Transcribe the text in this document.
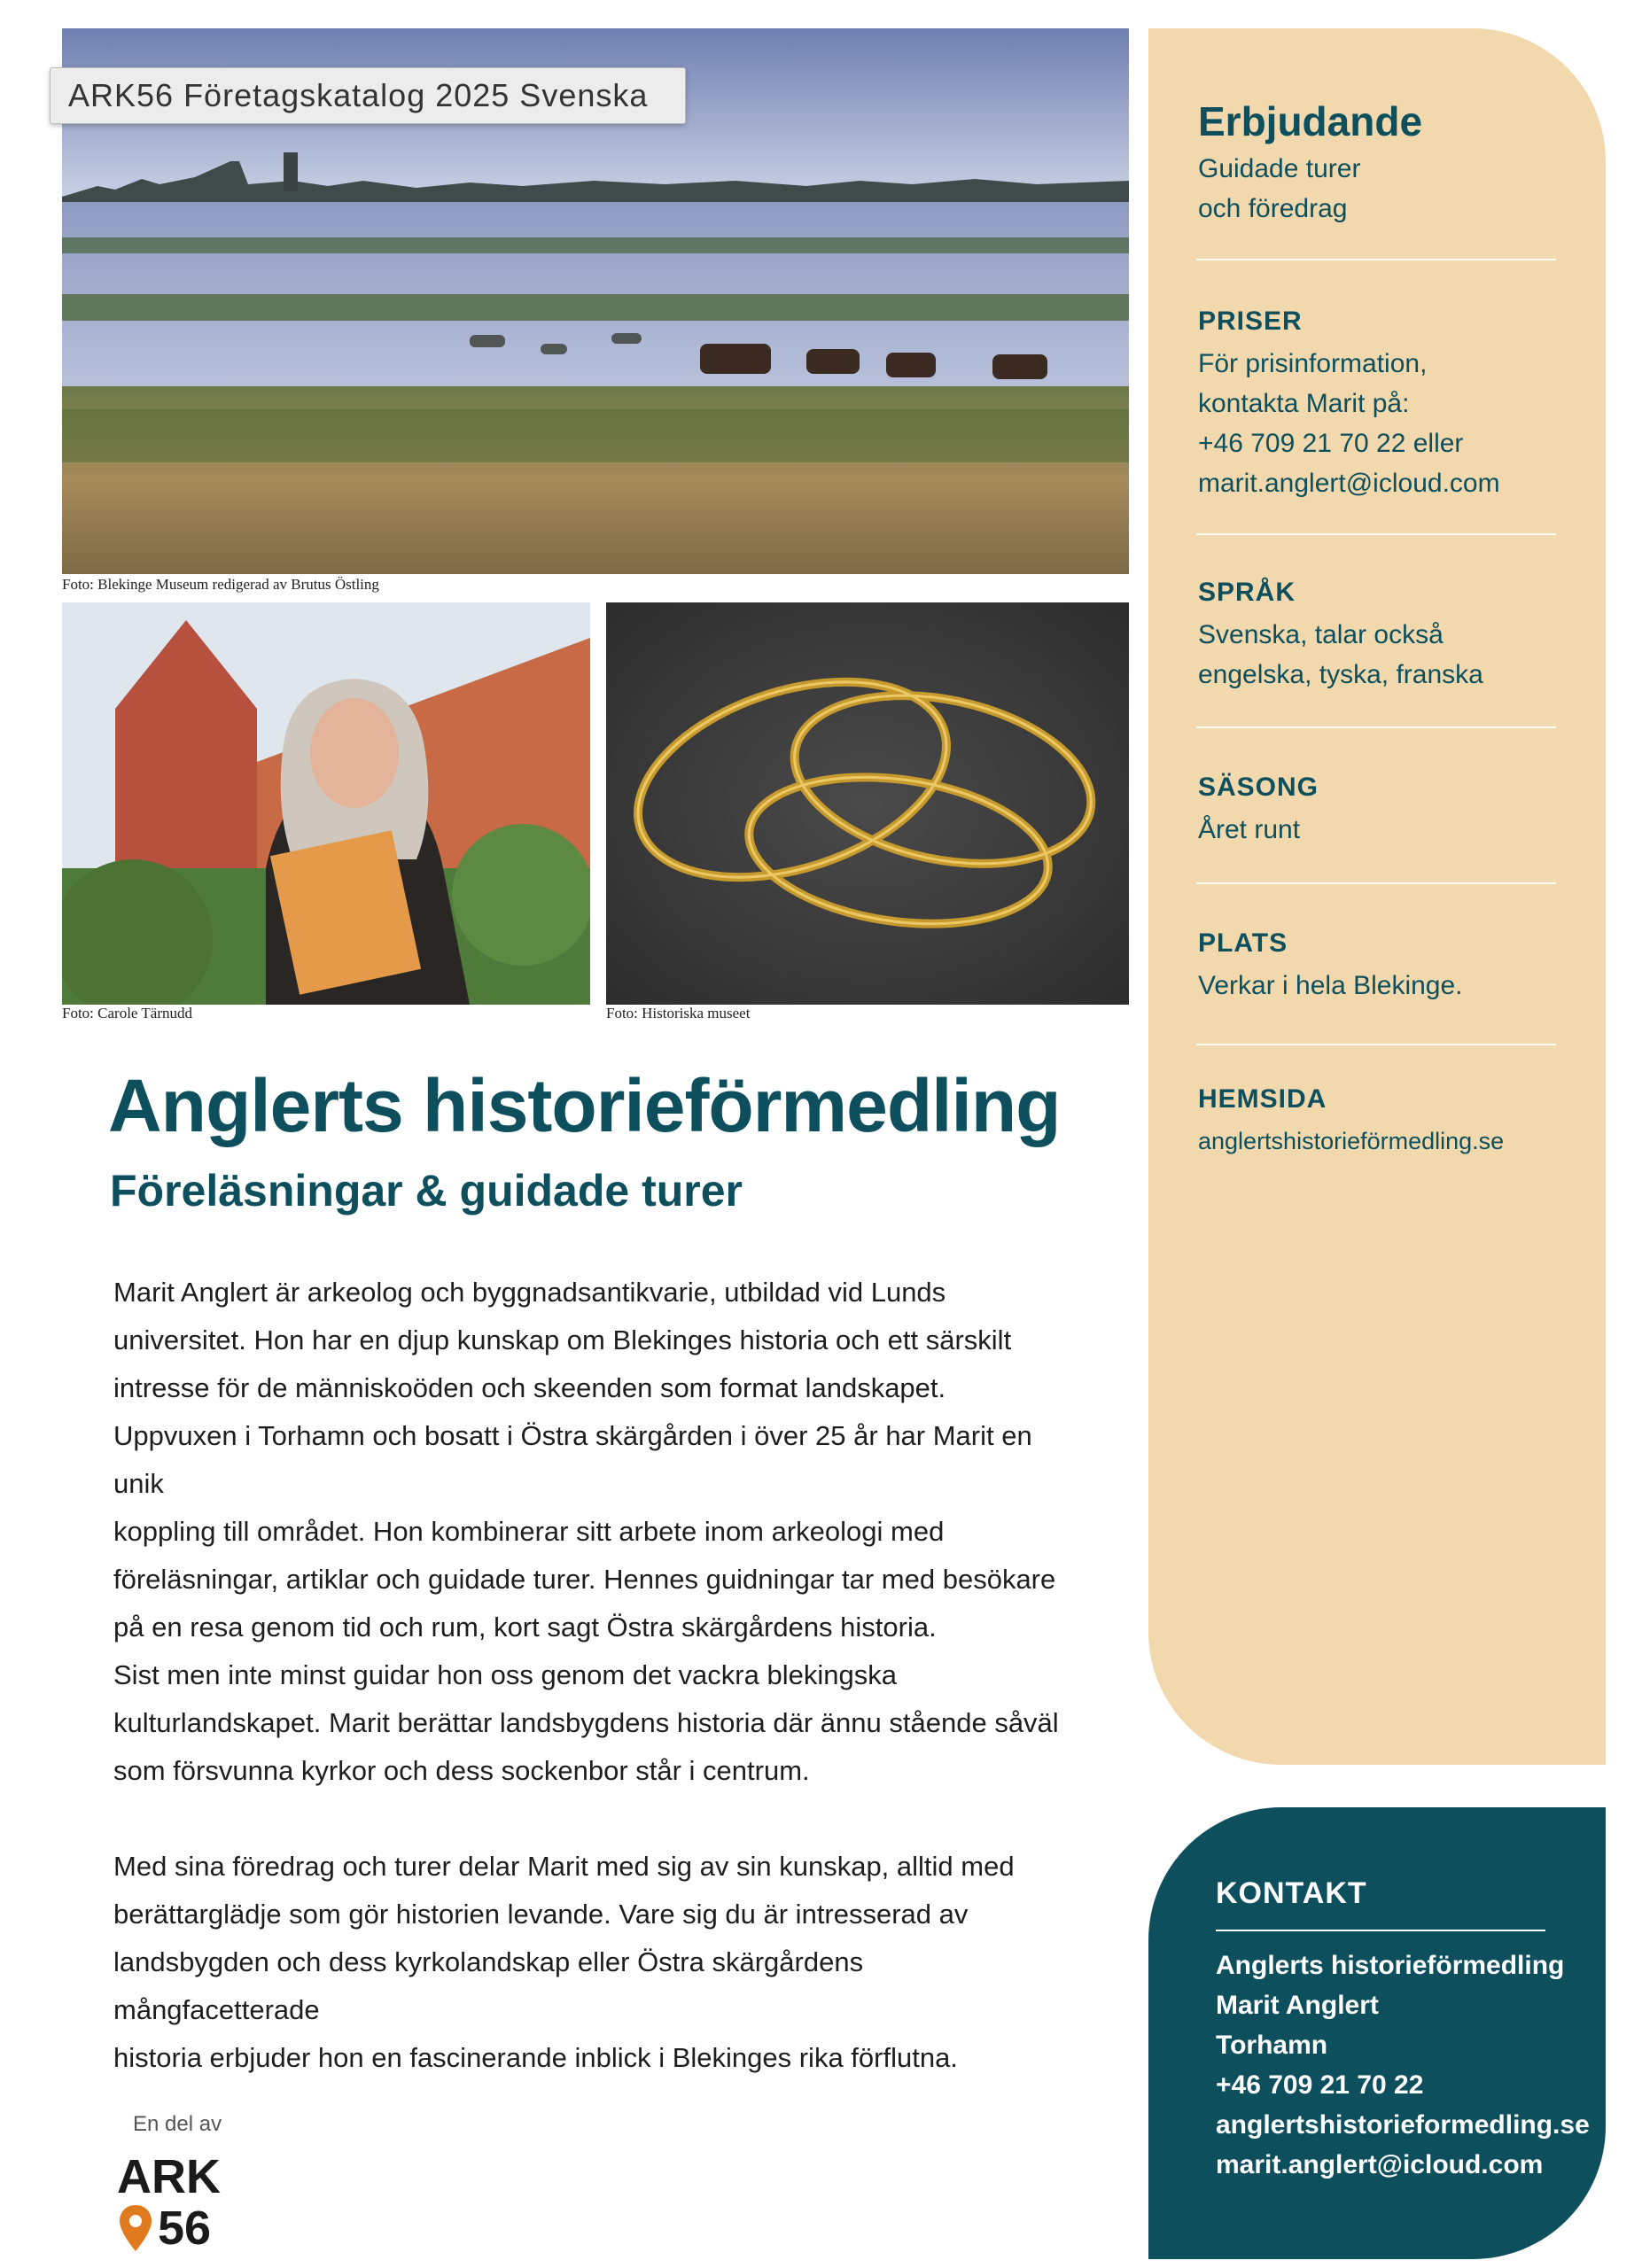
ARK56 Företagskatalog 2025 Svenska
Foto: Blekinge Museum redigerad av Brutus Östling
Foto: Carole Tärnudd	Foto: Historiska museet
Anglerts historieförmedling
Föreläsningar & guidade turer

Marit Anglert är arkeolog och byggnadsantikvarie, utbildad vid Lunds
universitet. Hon har en djup kunskap om Blekinges historia och ett särskilt
intresse för de människoöden och skeenden som format landskapet.
Uppvuxen i Torhamn och bosatt i Östra skärgården i över 25 år har Marit en unik
koppling till området. Hon kombinerar sitt arbete inom arkeologi med
föreläsningar, artiklar och guidade turer. Hennes guidningar tar med besökare
på en resa genom tid och rum, kort sagt Östra skärgårdens historia.
Sist men inte minst guidar hon oss genom det vackra blekingska
kulturlandskapet. Marit berättar landsbygdens historia där ännu stående såväl
som försvunna kyrkor och dess sockenbor står i centrum.

Med sina föredrag och turer delar Marit med sig av sin kunskap, alltid med
berättarglädje som gör historien levande. Vare sig du är intresserad av
landsbygden och dess kyrkolandskap eller Östra skärgårdens mångfacetterade
historia erbjuder hon en fascinerande inblick i Blekinges rika förflutna.

En del av
ARK
56
Erbjudande
Guidade turer
och föredrag
PRISER
För prisinformation,
kontakta Marit på:
+46 709 21 70 22 eller
marit.anglert@icloud.com
SPRÅK
Svenska, talar också
engelska, tyska, franska
SÄSONG
Året runt
PLATS
Verkar i hela Blekinge.
HEMSIDA
anglertshistorieförmedling.se
KONTAKT
Anglerts historieförmedling
Marit Anglert
Torhamn
+46 709 21 70 22
anglertshistorieformedling.se
marit.anglert@icloud.com
